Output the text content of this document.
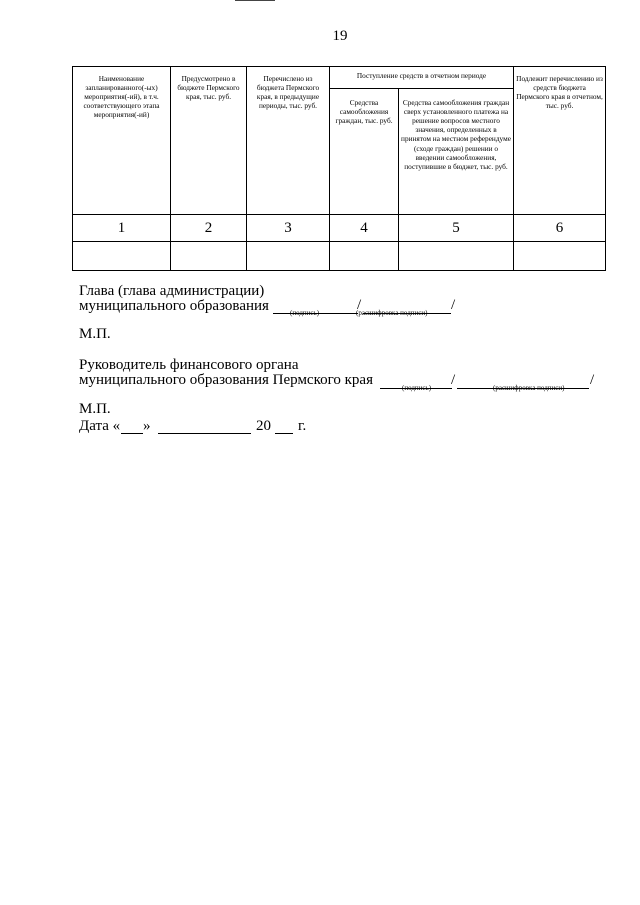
19
Наименование запланированного(-ых) мероприятия(-ий), в т.ч. соответствующего этапа мероприятия(-ий)	Предусмотрено в бюджете Пермского края, тыс. руб.	Перечислено из бюджета Пермского края, в предыдущие периоды, тыс. руб.	Поступление средств в отчетном периоде		Подлежит перечислению из средств бюджета Пермского края в отчетном, тыс. руб.
			Средства самообложения граждан, тыс. руб.	Средства самообложения граждан сверх установленного платежа на решение вопросов местного значения, определенных в принятом на местном референдуме (сходе граждан) решении о введении самообложения, поступившие в бюджет, тыс. руб.	
1	2	3	4	5	6

Глава (глава администрации)
муниципального образования	/	/
(подпись)	(расшифровка подписи)
М.П.
Руководитель финансового органа
муниципального образования Пермского края	/	/
(подпись)	(расшифровка подписи)
М.П.
Дата « »	20 г.
